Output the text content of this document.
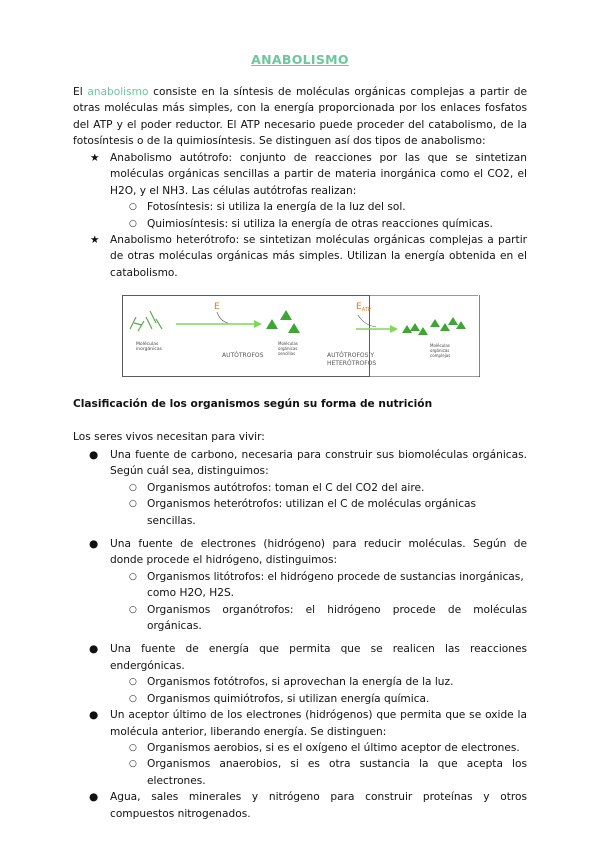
ANABOLISMO

El anabolismo consiste en la síntesis de moléculas orgánicas complejas a partir de otras moléculas más simples, con la energía proporcionada por los enlaces fosfatos del ATP y el poder reductor. El ATP necesario puede proceder del catabolismo, de la fotosíntesis o de la quimiosíntesis. Se distinguen así dos tipos de anabolismo:

★ Anabolismo autótrofo: conjunto de reacciones por las que se sintetizan moléculas orgánicas sencillas a partir de materia inorgánica como el CO2, el H2O, y el NH3. Las células autótrofas realizan:
○ Fotosíntesis: si utiliza la energía de la luz del sol.
○ Quimiosíntesis: si utiliza la energía de otras reacciones químicas.
★ Anabolismo heterótrofo: se sintetizan moléculas orgánicas complejas a partir de otras moléculas orgánicas más simples. Utilizan la energía obtenida en el catabolismo.
Moléculas
inorgánicas
E
Moléculas
orgánicas
sencillas
AUTÓTROFOS
$E_{ATP}$
AUTÓTROFOS Y
HETERÓTROFOS
Moléculas
orgánicas
complejas
Clasificación de los organismos según su forma de nutrición
Los seres vivos necesitan para vivir:
● Una fuente de carbono, necesaria para construir sus biomoléculas orgánicas. Según cuál sea, distinguimos:
○ Organismos autótrofos: toman el C del CO2 del aire.
○ Organismos heterótrofos: utilizan el C de moléculas orgánicas sencillas.
● Una fuente de electrones (hidrógeno) para reducir moléculas. Según de donde procede el hidrógeno, distinguimos:
○ Organismos litótrofos: el hidrógeno procede de sustancias inorgánicas, como H2O, H2S.
○ Organismos organótrofos: el hidrógeno procede de moléculas orgánicas.
● Una fuente de energía que permita que se realicen las reacciones endergónicas.
○ Organismos fotótrofos, si aprovechan la energía de la luz.
○ Organismos quimiótrofos, si utilizan energía química.
● Un aceptor último de los electrones (hidrógenos) que permita que se oxide la molécula anterior, liberando energía. Se distinguen:
○ Organismos aerobios, si es el oxígeno el último aceptor de electrones.
○ Organismos anaerobios, si es otra sustancia la que acepta los electrones.
● Agua, sales minerales y nitrógeno para construir proteínas y otros compuestos nitrogenados.
